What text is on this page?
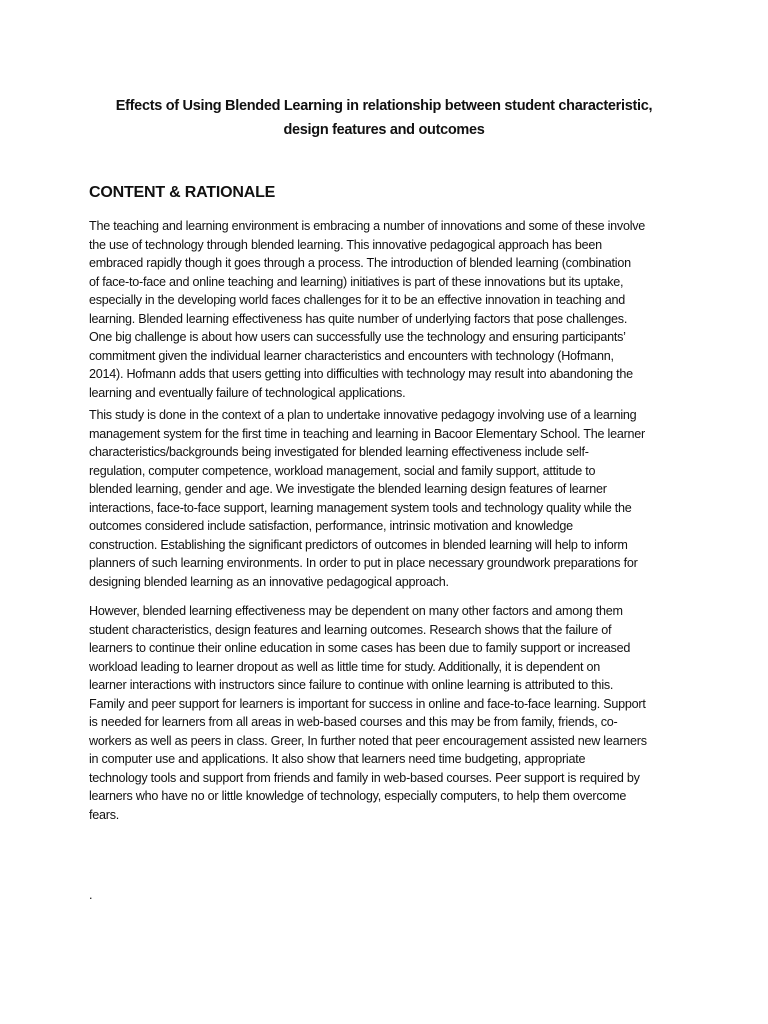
Effects of Using Blended Learning in relationship between student characteristic,
design features and outcomes
CONTENT & RATIONALE

The teaching and learning environment is embracing a number of innovations and some of these involve
the use of technology through blended learning. This innovative pedagogical approach has been
embraced rapidly though it goes through a process. The introduction of blended learning (combination
of face-to-face and online teaching and learning) initiatives is part of these innovations but its uptake,
especially in the developing world faces challenges for it to be an effective innovation in teaching and
learning. Blended learning effectiveness has quite number of underlying factors that pose challenges.
One big challenge is about how users can successfully use the technology and ensuring participants’
commitment given the individual learner characteristics and encounters with technology (Hofmann,
2014). Hofmann adds that users getting into difficulties with technology may result into abandoning the
learning and eventually failure of technological applications.

This study is done in the context of a plan to undertake innovative pedagogy involving use of a learning
management system for the first time in teaching and learning in Bacoor Elementary School. The learner
characteristics/backgrounds being investigated for blended learning effectiveness include self-
regulation, computer competence, workload management, social and family support, attitude to
blended learning, gender and age. We investigate the blended learning design features of learner
interactions, face-to-face support, learning management system tools and technology quality while the
outcomes considered include satisfaction, performance, intrinsic motivation and knowledge
construction. Establishing the significant predictors of outcomes in blended learning will help to inform
planners of such learning environments. In order to put in place necessary groundwork preparations for
designing blended learning as an innovative pedagogical approach.

However, blended learning effectiveness may be dependent on many other factors and among them
student characteristics, design features and learning outcomes. Research shows that the failure of
learners to continue their online education in some cases has been due to family support or increased
workload leading to learner dropout as well as little time for study. Additionally, it is dependent on
learner interactions with instructors since failure to continue with online learning is attributed to this.
Family and peer support for learners is important for success in online and face-to-face learning. Support
is needed for learners from all areas in web-based courses and this may be from family, friends, co-
workers as well as peers in class. Greer, In further noted that peer encouragement assisted new learners
in computer use and applications. It also show that learners need time budgeting, appropriate
technology tools and support from friends and family in web-based courses. Peer support is required by
learners who have no or little knowledge of technology, especially computers, to help them overcome
fears.

.
